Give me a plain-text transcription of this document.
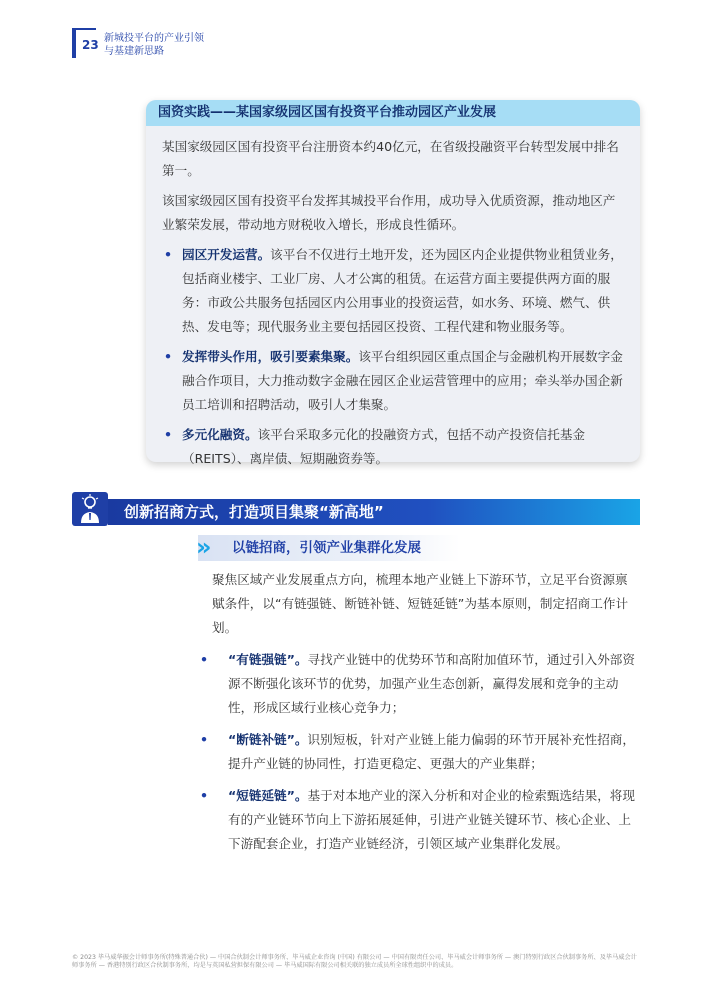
23 新城投平台的产业引领
与基建新思路
国资实践——某国家级园区国有投资平台推动园区产业发展

某国家级园区国有投资平台注册资本约40亿元，在省级投融资平台转型发展中排名第一。

该国家级园区国有投资平台发挥其城投平台作用，成功导入优质资源，推动地区产业繁荣发展，带动地方财税收入增长，形成良性循环。

• 园区开发运营。该平台不仅进行土地开发，还为园区内企业提供物业租赁业务，包括商业楼宇、工业厂房、人才公寓的租赁。在运营方面主要提供两方面的服务：市政公共服务包括园区内公用事业的投资运营，如水务、环境、燃气、供热、发电等；现代服务业主要包括园区投资、工程代建和物业服务等。
• 发挥带头作用，吸引要素集聚。该平台组织园区重点国企与金融机构开展数字金融合作项目，大力推动数字金融在园区企业运营管理中的应用；牵头举办国企新员工培训和招聘活动，吸引人才集聚。
• 多元化融资。该平台采取多元化的投融资方式，包括不动产投资信托基金（REITS）、离岸债、短期融资券等。
创新招商方式，打造项目集聚“新高地”
» 以链招商，引领产业集群化发展

聚焦区域产业发展重点方向，梳理本地产业链上下游环节，立足平台资源禀赋条件，以“有链强链、断链补链、短链延链”为基本原则，制定招商工作计划。

• “有链强链”。寻找产业链中的优势环节和高附加值环节，通过引入外部资源不断强化该环节的优势，加强产业生态创新，赢得发展和竞争的主动性，形成区域行业核心竞争力；
• “断链补链”。识别短板，针对产业链上能力偏弱的环节开展补充性招商，提升产业链的协同性，打造更稳定、更强大的产业集群；
• “短链延链”。基于对本地产业的深入分析和对企业的检索甄选结果，将现有的产业链环节向上下游拓展延伸，引进产业链关键环节、核心企业、上下游配套企业，打造产业链经济，引领区域产业集群化发展。
© 2023 毕马威华振会计师事务所(特殊普通合伙) — 中国合伙制会计师事务所、毕马威企业咨询 (中国) 有限公司 — 中国有限责任公司、毕马威会计师事务所 — 澳门特别行政区合伙制事务所、及毕马威会计师事务所 — 香港特别行政区合伙制事务所，均是与英国私营担保有限公司 — 毕马威国际有限公司相关联的独立成员所全球性组织中的成员。
